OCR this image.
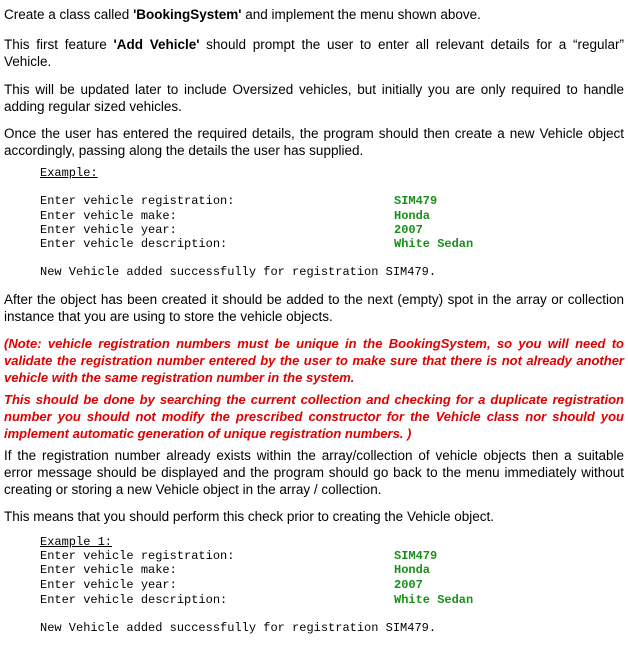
Create a class called 'BookingSystem' and implement the menu shown above.

This first feature 'Add Vehicle' should prompt the user to enter all relevant details for a “regular” Vehicle.

This will be updated later to include Oversized vehicles, but initially you are only required to handle adding regular sized vehicles.

Once the user has entered the required details, the program should then create a new Vehicle object accordingly, passing along the details the user has supplied.

Example:
Enter vehicle registration:
Enter vehicle make:
Enter vehicle year:
Enter vehicle description:
SIM479
Honda
2007
White Sedan
New Vehicle added successfully for registration SIM479.

After the object has been created it should be added to the next (empty) spot in the array or collection instance that you are using to store the vehicle objects.

(Note: vehicle registration numbers must be unique in the BookingSystem, so you will need to validate the registration number entered by the user to make sure that there is not already another vehicle with the same registration number in the system.

This should be done by searching the current collection and checking for a duplicate registration number you should not modify the prescribed constructor for the Vehicle class nor should you implement automatic generation of unique registration numbers. )

If the registration number already exists within the array/collection of vehicle objects then a suitable error message should be displayed and the program should go back to the menu immediately without creating or storing a new Vehicle object in the array / collection.

This means that you should perform this check prior to creating the Vehicle object.

Example 1:
Enter vehicle registration:
Enter vehicle make:
Enter vehicle year:
Enter vehicle description:
SIM479
Honda
2007
White Sedan
New Vehicle added successfully for registration SIM479.
